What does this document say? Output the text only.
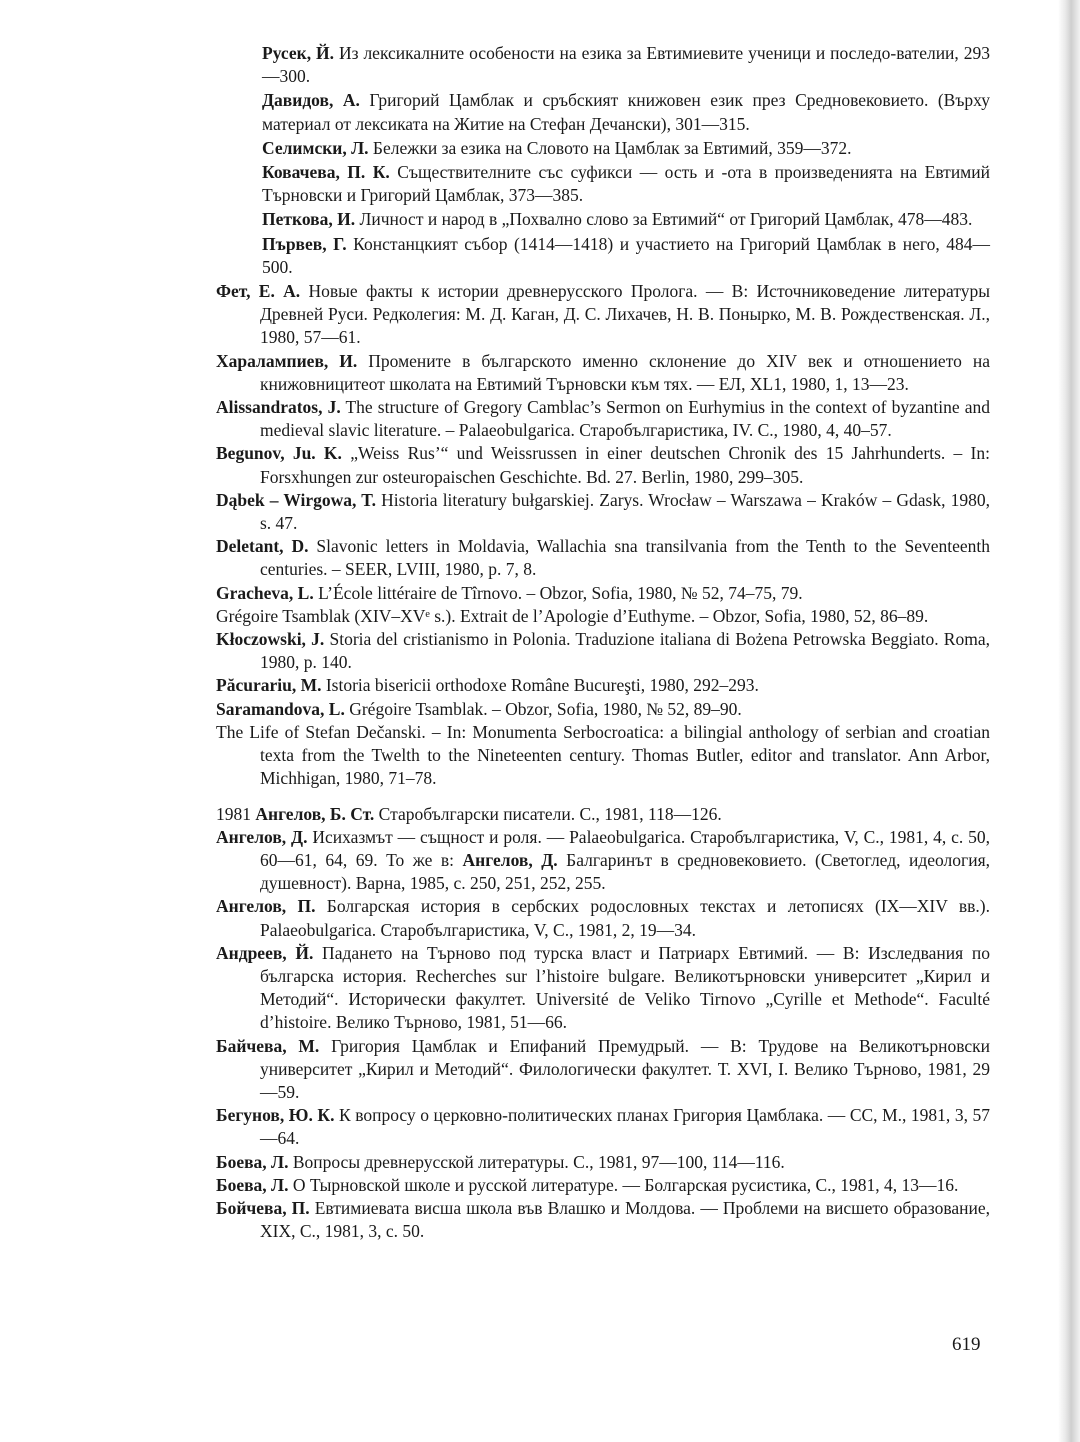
Русек, Й. Из лексикалните особености на езика за Евтимиевите ученици и последо-вателии, 293—300.
Давидов, А. Григорий Цамблак и сръбският книжовен език през Средновековието. (Върху материал от лексиката на Житие на Стефан Дечански), 301—315.
Селимски, Л. Бележки за езика на Словото на Цамблак за Евтимий, 359—372.
Ковачева, П. К. Съществителните със суфикси — ость и -ота в произведенията на Евтимий Търновски и Григорий Цамблак, 373—385.
Петкова, И. Личност и народ в „Похвално слово за Евтимий“ от Григорий Цамблак, 478—483.
Първев, Г. Констанцкият събор (1414—1418) и участието на Григорий Цамблак в него, 484—500.
Фет, Е. А. Новые факты к истории древнерусского Пролога. — В: Источниковедение литературы Древней Руси. Редколегия: М. Д. Каган, Д. С. Лихачев, Н. В. Понырко, М. В. Рождественская. Л., 1980, 57—61.
Харалампиев, И. Промените в българското именно склонение до XIV век и отношението на книжовницитеот школата на Евтимий Търновски към тях. — ЕЛ, XL1, 1980, 1, 13—23.
Alissandratos, J. The structure of Gregory Camblac’s Sermon on Eurhymius in the context of byzantine and medieval slavic literature. – Palaeobulgarica. Старобългаристика, IV. C., 1980, 4, 40–57.
Begunov, Ju. K. „Weiss Rus’“ und Weissrussen in einer deutschen Chronik des 15 Jahrhunderts. – In: Forsxhungen zur osteuropaischen Geschichte. Bd. 27. Berlin, 1980, 299–305.
Dąbek – Wirgowa, T. Historia literatury bułgarskiej. Zarys. Wrocław – Warszawa – Kraków – Gdask, 1980, s. 47.
Deletant, D. Slavonic letters in Moldavia, Wallachia sna transilvania from the Tenth to the Seventeenth centuries. – SEER, LVIII, 1980, p. 7, 8.
Gracheva, L. L’École littéraire de Tîrnovo. – Obzor, Sofia, 1980, № 52, 74–75, 79.
Grégoire Tsamblak (XIV–XVᵉ s.). Extrait de l’Apologie d’Euthyme. – Obzor, Sofia, 1980, 52, 86–89.
Kłoczowski, J. Storia del cristianismo in Polonia. Traduzione italiana di Bożena Petrowska Beggiato. Roma, 1980, p. 140.
Păcurariu, M. Istoria bisericii orthodoxe Române Bucureşti, 1980, 292–293.
Saramandova, L. Grégoire Tsamblak. – Obzor, Sofia, 1980, № 52, 89–90.
The Life of Stefan Dečanski. – In: Monumenta Serbocroatica: a bilingial anthology of serbian and croatian texta from the Twelth to the Nineteenten century. Thomas Butler, editor and translator. Ann Arbor, Michhigan, 1980, 71–78.
1981 Ангелов, Б. Ст. Старобългарски писатели. С., 1981, 118—126.
Ангелов, Д. Исихазмът — същност и роля. — Palaeobulgarica. Старобългаристика, V, С., 1981, 4, с. 50, 60—61, 64, 69. То же в: Ангелов, Д. Балгаринът в средновековието. (Светоглед, идеология, душевност). Варна, 1985, с. 250, 251, 252, 255.
Ангелов, П. Болгарская история в сербских родословных текстах и летописях (IX—XIV вв.). Palaeobulgarica. Старобългаристика, V, С., 1981, 2, 19—34.
Андреев, Й. Падането на Търново под турска власт и Патриарх Евтимий. — В: Изследвания по българска история. Recherches sur l’histoire bulgare. Великотърновски университет „Кирил и Методий“. Исторически факултет. Université de Veliko Tirnovo „Cyrille et Methode“. Faculté d’histoire. Велико Търново, 1981, 51—66.
Байчева, М. Григория Цамблак и Епифаний Премудрый. — В: Трудове на Великотърновски университет „Кирил и Методий“. Филологически факултет. Т. XVI, I. Велико Търново, 1981, 29—59.
Бегунов, Ю. К. К вопросу о церковно-политических планах Григория Цамблака. — СС, М., 1981, 3, 57—64.
Боева, Л. Вопросы древнерусской литературы. С., 1981, 97—100, 114—116.
Боева, Л. О Тырновской школе и русской литературе. — Болгарская русистика, С., 1981, 4, 13—16.
Бойчева, П. Евтимиевата висша школа във Влашко и Молдова. — Проблеми на висшето образование, XIX, С., 1981, 3, с. 50.
619
